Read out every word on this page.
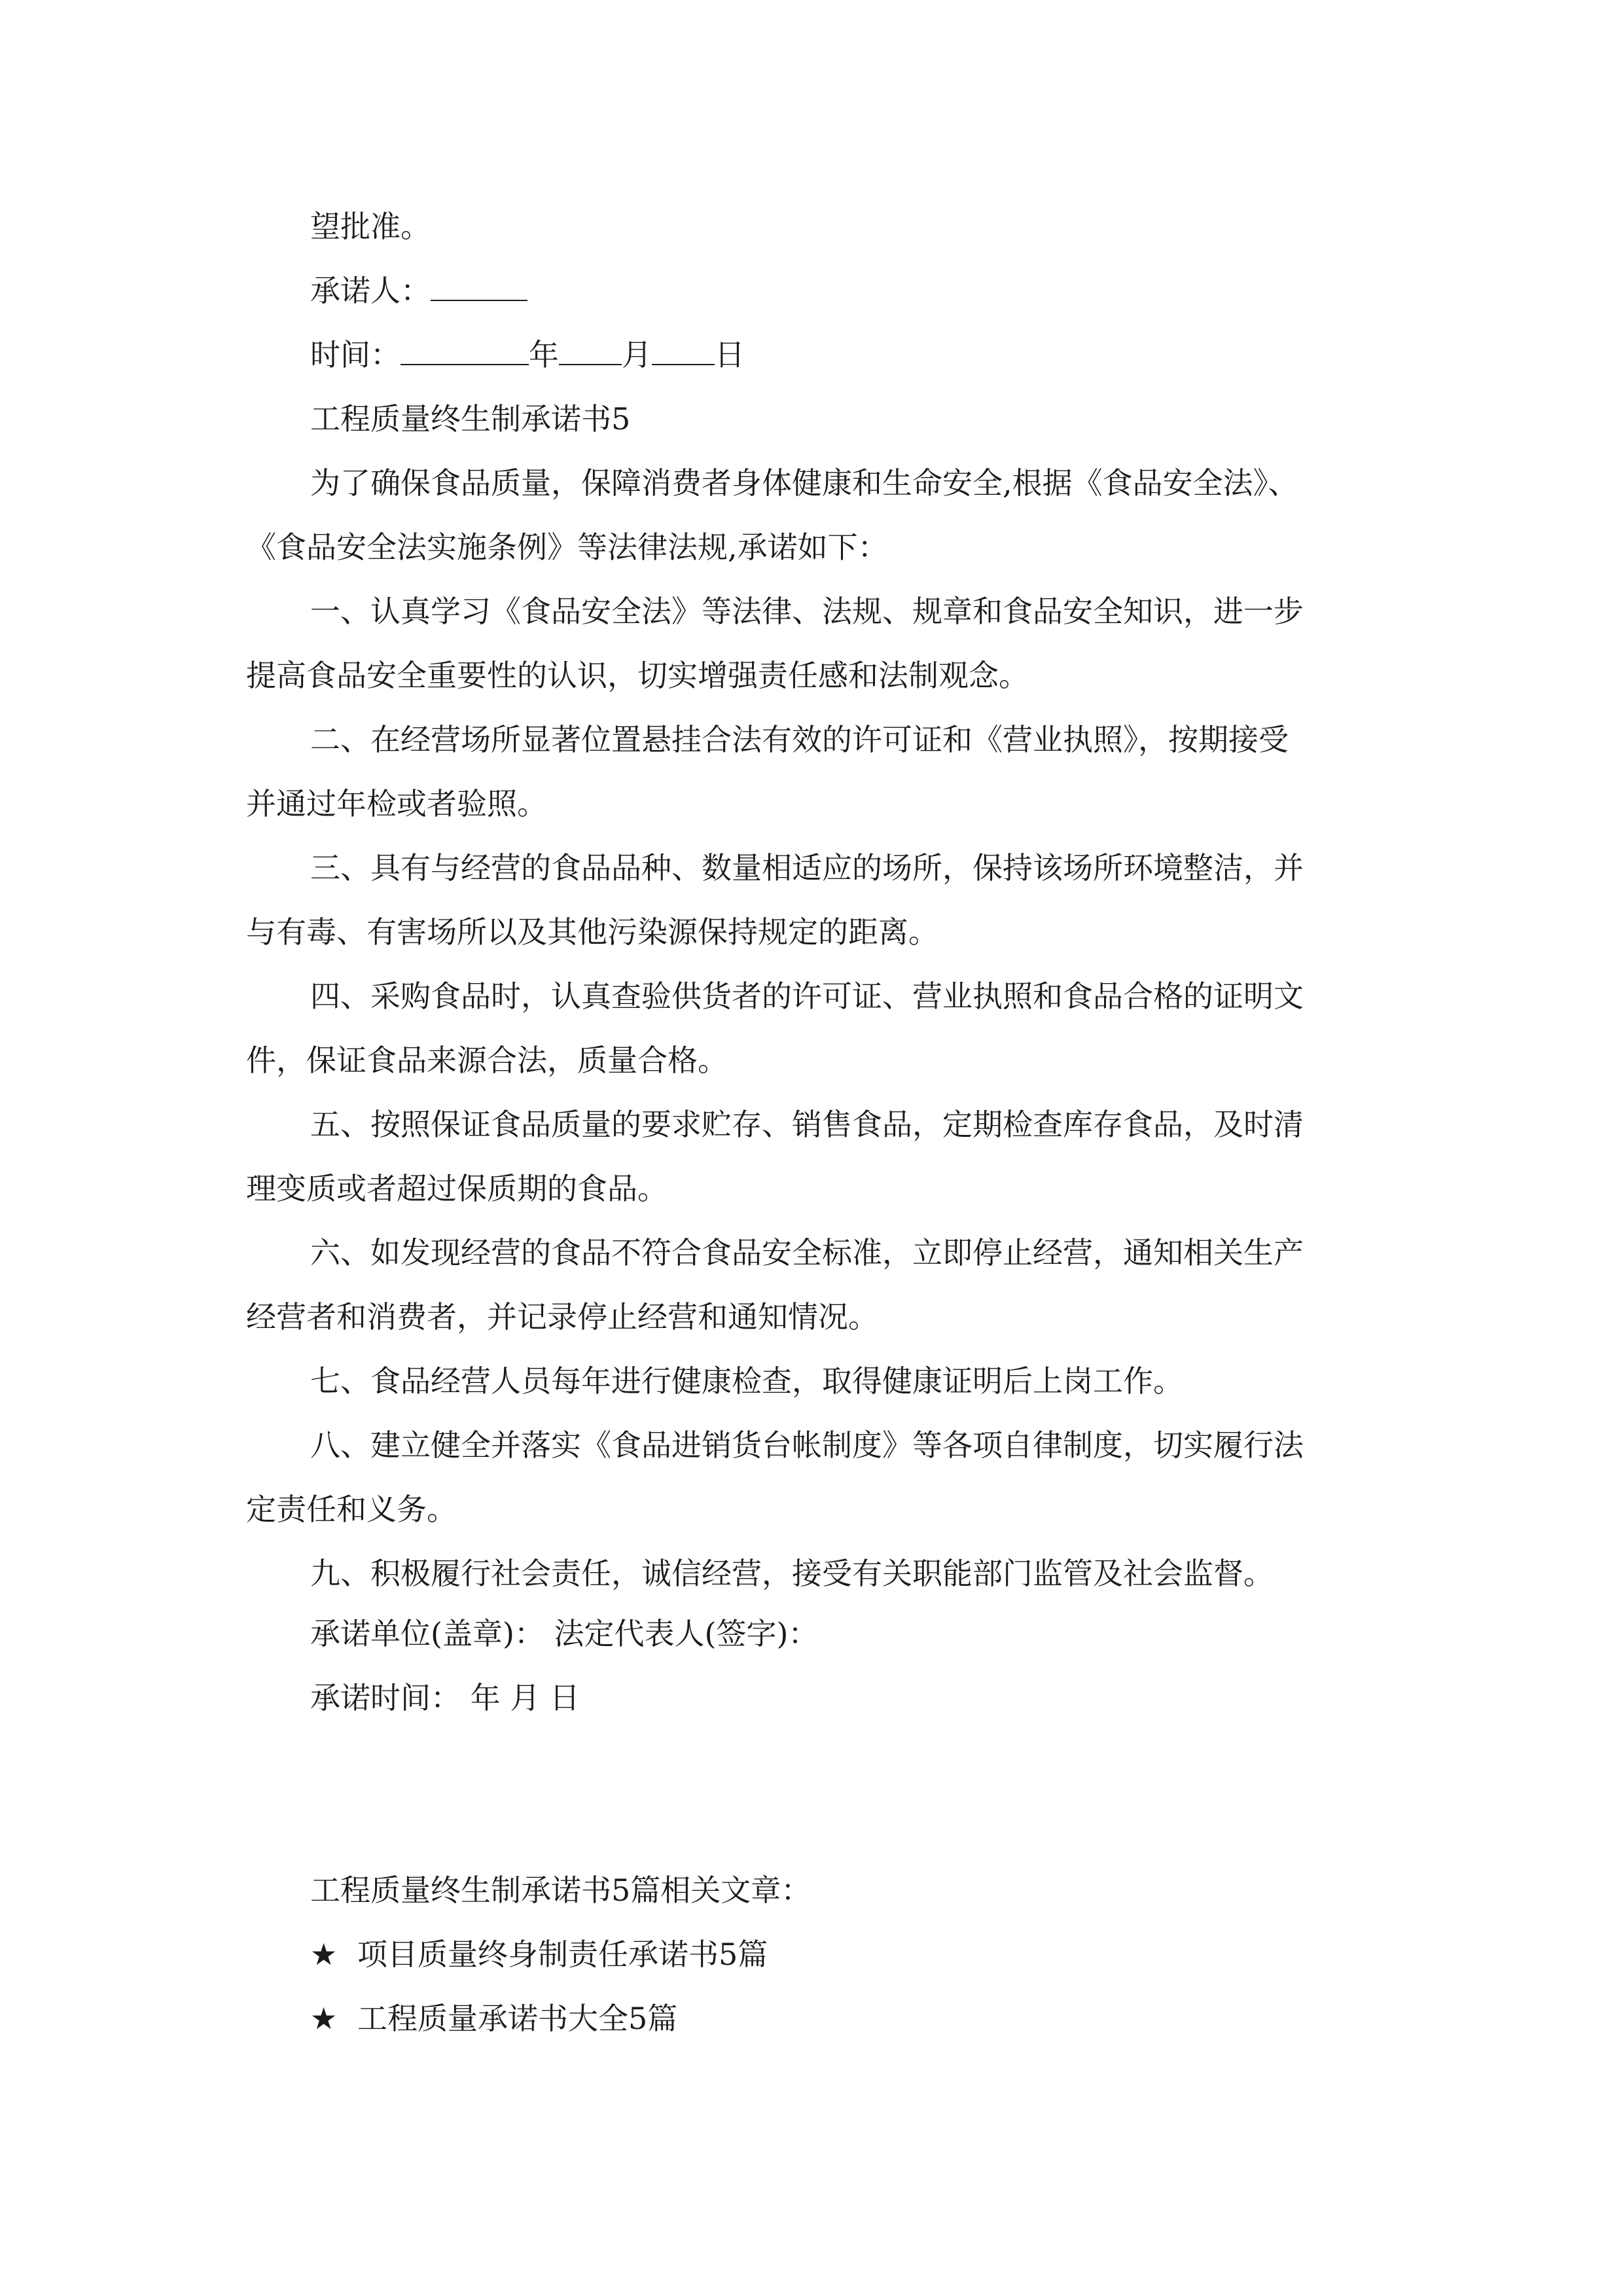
望批准。
承诺人：
时间：	年 月 日
工程质量终生制承诺书5
为了确保食品质量，保障消费者身体健康和生命安全,根据《食品安全法》、
《食品安全法实施条例》等法律法规,承诺如下：
一、认真学习《食品安全法》等法律、法规、规章和食品安全知识，进一步
提高食品安全重要性的认识，切实增强责任感和法制观念。
二、在经营场所显著位置悬挂合法有效的许可证和《营业执照》，按期接受
并通过年检或者验照。
三、具有与经营的食品品种、数量相适应的场所，保持该场所环境整洁，并
与有毒、有害场所以及其他污染源保持规定的距离。
四、采购食品时，认真查验供货者的许可证、营业执照和食品合格的证明文
件，保证食品来源合法，质量合格。
五、按照保证食品质量的要求贮存、销售食品，定期检查库存食品，及时清
理变质或者超过保质期的食品。
六、如发现经营的食品不符合食品安全标准，立即停止经营，通知相关生产
经营者和消费者，并记录停止经营和通知情况。
七、食品经营人员每年进行健康检查，取得健康证明后上岗工作。
八、建立健全并落实《食品进销货台帐制度》等各项自律制度，切实履行法
定责任和义务。
九、积极履行社会责任，诚信经营，接受有关职能部门监管及社会监督。
承诺单位(盖章)： 法定代表人(签字)：
承诺时间： 年 月 日
工程质量终生制承诺书5篇相关文章：
★ 项目质量终身制责任承诺书5篇
★ 工程质量承诺书大全5篇
